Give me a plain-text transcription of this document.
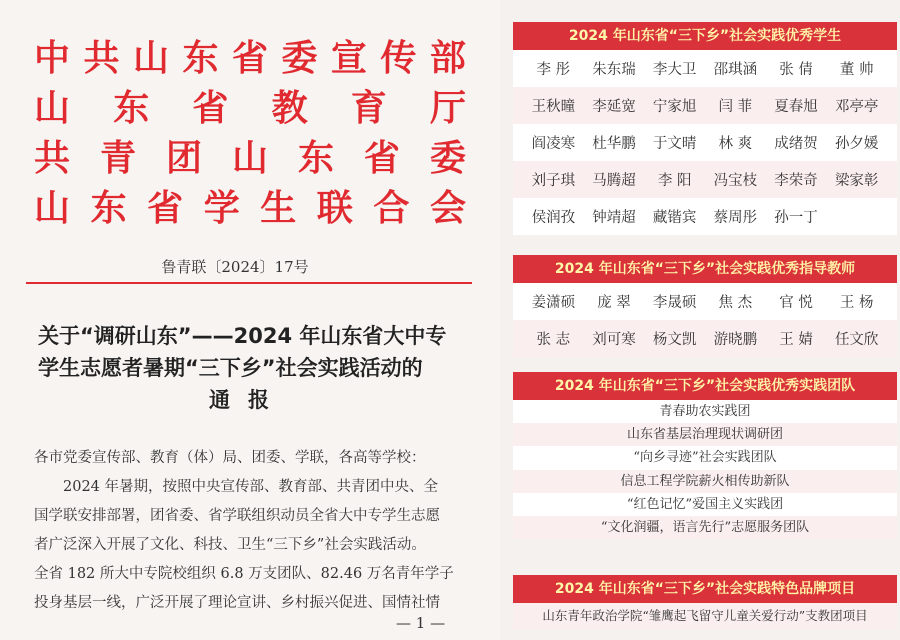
中 共 山 东 省 委 宣 传 部
山 东 省 教 育 厅
共 青 团 山 东 省 委
山 东 省 学 生 联 合 会
鲁青联〔2024〕17号
关于“调研山东”——2024 年山东省大中专
学生志愿者暑期“三下乡”社会实践活动的
通报

各市党委宣传部、教育（体）局、团委、学联，各高等学校：

2024 年暑期，按照中央宣传部、教育部、共青团中央、全

国学联安排部署，团省委、省学联组织动员全省大中专学生志愿

者广泛深入开展了文化、科技、卫生“三下乡”社会实践活动。

全省 182 所大中专院校组织 6.8 万支团队、82.46 万名青年学子

投身基层一线，广泛开展了理论宣讲、乡村振兴促进、国情社情

— 1 —
2024 年山东省“三下乡”社会实践优秀学生
李 彤	朱东瑞	李大卫	邵琪涵	张 倩	董 帅
王秋曈	李延宽	宁家旭	闫 菲	夏春旭	邓亭亭
阎凌寒	杜华鹏	于文晴	林 爽	成绪贺	孙夕媛
刘子琪	马腾超	李 阳	冯宝枝	李荣奇	梁家彰
侯润孜	钟靖超	藏锴宾	蔡周彤	孙一丁
2024 年山东省“三下乡”社会实践优秀指导教师
姜潇硕	庞 翠	李晟硕	焦 杰	官 悦	王 杨
张 志	刘可寒	杨文凯	游晓鹏	王 婧	任文欣
2024 年山东省“三下乡”社会实践优秀实践团队
青春助农实践团
山东省基层治理现状调研团
“向乡寻迹”社会实践团队
信息工程学院薪火相传助新队
“红色记忆”爱国主义实践团
“文化润疆，语言先行”志愿服务团队
2024 年山东省“三下乡”社会实践特色品牌项目
山东青年政治学院“雏鹰起飞留守儿童关爱行动”支教团项目
